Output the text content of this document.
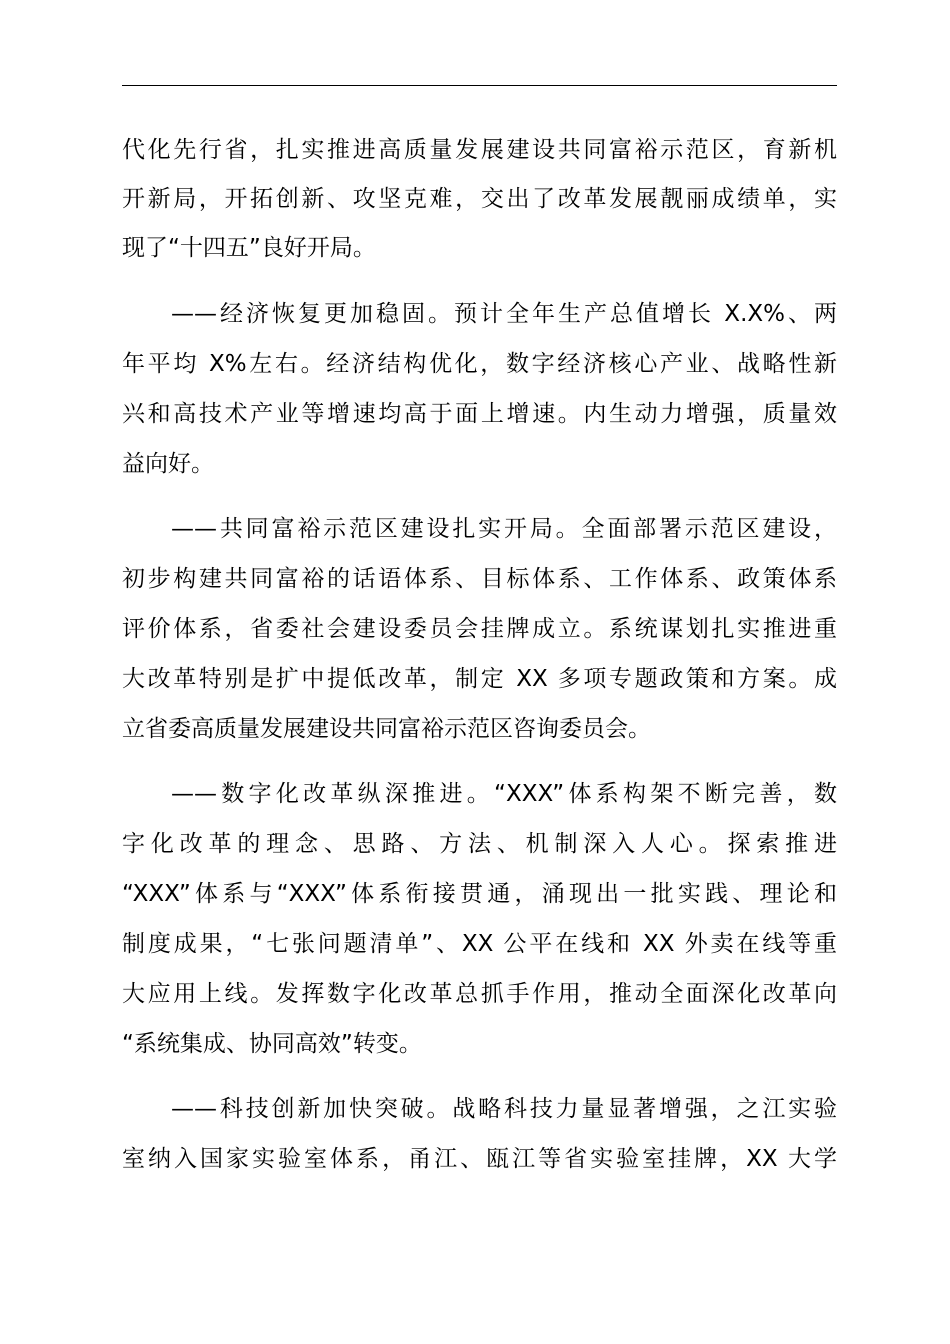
代化先行省，扎实推进高质量发展建设共同富裕示范区，育新机
开新局，开拓创新、攻坚克难，交出了改革发展靓丽成绩单，实
现了“十四五”良好开局。
——经济恢复更加稳固。预计全年生产总值增长 X.X%、两
年平均 X%左右。经济结构优化，数字经济核心产业、战略性新
兴和高技术产业等增速均高于面上增速。内生动力增强，质量效
益向好。
——共同富裕示范区建设扎实开局。全面部署示范区建设，
初步构建共同富裕的话语体系、目标体系、工作体系、政策体系
评价体系，省委社会建设委员会挂牌成立。系统谋划扎实推进重
大改革特别是扩中提低改革，制定 XX 多项专题政策和方案。成
立省委高质量发展建设共同富裕示范区咨询委员会。
——数字化改革纵深推进。“XXX”体系构架不断完善，数
字化改革的理念、思路、方法、机制深入人心。探索推进
“XXX”体系与“XXX”体系衔接贯通，涌现出一批实践、理论和
制度成果，“七张问题清单”、XX 公平在线和 XX 外卖在线等重
大应用上线。发挥数字化改革总抓手作用，推动全面深化改革向
“系统集成、协同高效”转变。
——科技创新加快突破。战略科技力量显著增强，之江实验
室纳入国家实验室体系，甬江、瓯江等省实验室挂牌，XX 大学
